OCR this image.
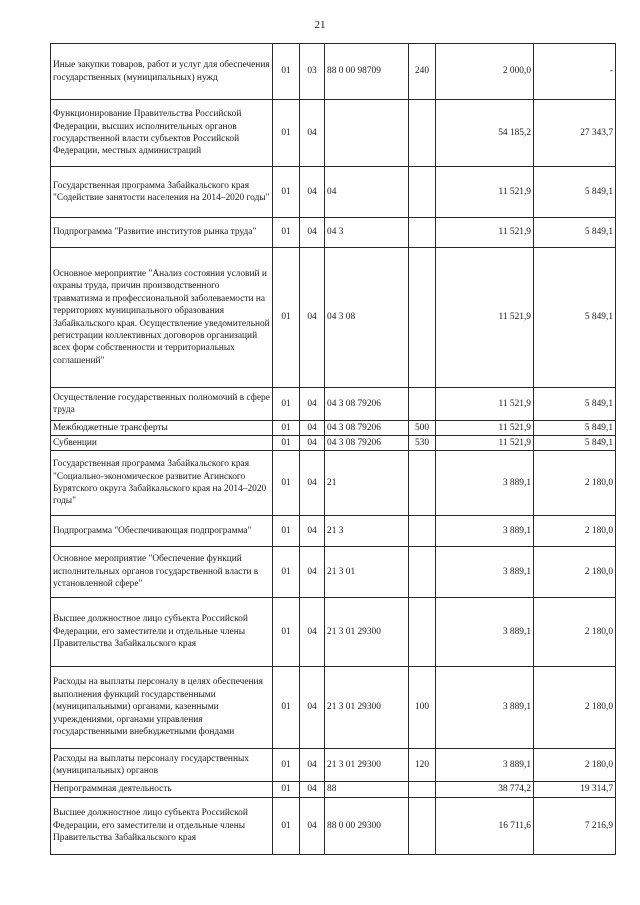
21
Иные закупки товаров, работ и услуг для обеспечения государственных (муниципальных) нужд	01	03	88 0 00 98709	240	2 000,0	-
Функционирование Правительства Российской Федерации, высших исполнительных органов государственной власти субъектов Российской Федерации, местных администраций	01	04			54 185,2	27 343,7
Государственная программа Забайкальского края "Содействие занятости населения на 2014–2020 годы"	01	04	04		11 521,9	5 849,1
Подпрограмма "Развитие институтов рынка труда"	01	04	04 3		11 521,9	5 849,1
Основное мероприятие "Анализ состояния условий и охраны труда, причин производственного травматизма и профессиональной заболеваемости на территориях муниципального образования Забайкальского края. Осуществление уведомительной регистрации коллективных договоров организаций всех форм собственности и территориальных соглашений"	01	04	04 3 08		11 521,9	5 849,1
Осуществление государственных полномочий в сфере труда	01	04	04 3 08 79206		11 521,9	5 849,1
Межбюджетные трансферты	01	04	04 3 08 79206	500	11 521,9	5 849,1
Субвенции	01	04	04 3 08 79206	530	11 521,9	5 849,1
Государственная программа Забайкальского края "Социально-экономическое развитие Агинского Бурятского округа Забайкальского края на 2014–2020 годы"	01	04	21		3 889,1	2 180,0
Подпрограмма "Обеспечивающая подпрограмма"	01	04	21 3		3 889,1	2 180,0
Основное мероприятие "Обеспечение функций исполнительных органов государственной власти в установленной сфере"	01	04	21 3 01		3 889,1	2 180,0
Высшее должностное лицо субъекта Российской Федерации, его заместители и отдельные члены Правительства Забайкальского края	01	04	21 3 01 29300		3 889,1	2 180,0
Расходы на выплаты персоналу в целях обеспечения выполнения функций государственными (муниципальными) органами, казенными учреждениями, органами управления государственными внебюджетными фондами	01	04	21 3 01 29300	100	3 889,1	2 180,0
Расходы на выплаты персоналу государственных (муниципальных) органов	01	04	21 3 01 29300	120	3 889,1	2 180,0
Непрограммная деятельность	01	04	88		38 774,2	19 314,7
Высшее должностное лицо субъекта Российской Федерации, его заместители и отдельные члены Правительства Забайкальского края	01	04	88 0 00 29300		16 711,6	7 216,9
